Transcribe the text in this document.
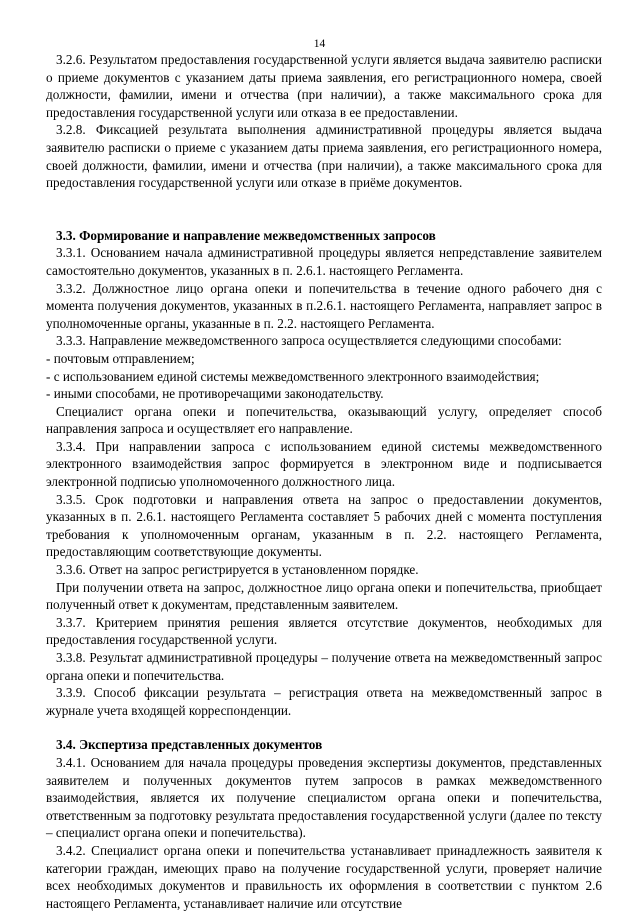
14

3.2.6. Результатом предоставления государственной услуги является выдача заявителю расписки о приеме документов с указанием даты приема заявления, его регистрационного номера, своей должности, фамилии, имени и отчества (при наличии), а также максимального срока для предоставления государственной услуги или отказа в ее предоставлении.

3.2.8. Фиксацией результата выполнения административной процедуры является выдача заявителю расписки о приеме с указанием даты приема заявления, его регистрационного номера, своей должности, фамилии, имени и отчества (при наличии), а также максимального срока для предоставления государственной услуги или отказе в приёме документов.

3.3. Формирование и направление межведомственных запросов

3.3.1. Основанием начала административной процедуры является непредставление заявителем самостоятельно документов, указанных в п. 2.6.1. настоящего Регламента.

3.3.2. Должностное лицо органа опеки и попечительства в течение одного рабочего дня с момента получения документов, указанных в п.2.6.1. настоящего Регламента, направляет запрос в уполномоченные органы, указанные в п. 2.2. настоящего Регламента.

3.3.3. Направление межведомственного запроса осуществляется следующими способами:

- почтовым отправлением;

- с использованием единой системы межведомственного электронного взаимодействия;

- иными способами, не противоречащими законодательству.

Специалист органа опеки и попечительства, оказывающий услугу, определяет способ направления запроса и осуществляет его направление.

3.3.4. При направлении запроса с использованием единой системы межведомственного электронного взаимодействия запрос формируется в электронном виде и подписывается электронной подписью уполномоченного должностного лица.

3.3.5. Срок подготовки и направления ответа на запрос о предоставлении документов, указанных в п. 2.6.1. настоящего Регламента составляет 5 рабочих дней с момента поступления требования к уполномоченным органам, указанным в п. 2.2. настоящего Регламента, предоставляющим соответствующие документы.

3.3.6. Ответ на запрос регистрируется в установленном порядке.

При получении ответа на запрос, должностное лицо органа опеки и попечительства, приобщает полученный ответ к документам, представленным заявителем.

3.3.7. Критерием принятия решения является отсутствие документов, необходимых для предоставления государственной услуги.

3.3.8. Результат административной процедуры – получение ответа на межведомственный запрос органа опеки и попечительства.

3.3.9. Способ фиксации результата – регистрация ответа на межведомственный запрос в журнале учета входящей корреспонденции.

3.4. Экспертиза представленных документов

3.4.1. Основанием для начала процедуры проведения экспертизы документов, представленных заявителем и полученных документов путем запросов в рамках межведомственного взаимодействия, является их получение специалистом органа опеки и попечительства, ответственным за подготовку результата предоставления государственной услуги (далее по тексту – специалист органа опеки и попечительства).

3.4.2. Специалист органа опеки и попечительства устанавливает принадлежность заявителя к категории граждан, имеющих право на получение государственной услуги, проверяет наличие всех необходимых документов и правильность их оформления в соответствии с пунктом 2.6 настоящего Регламента, устанавливает наличие или отсутствие
